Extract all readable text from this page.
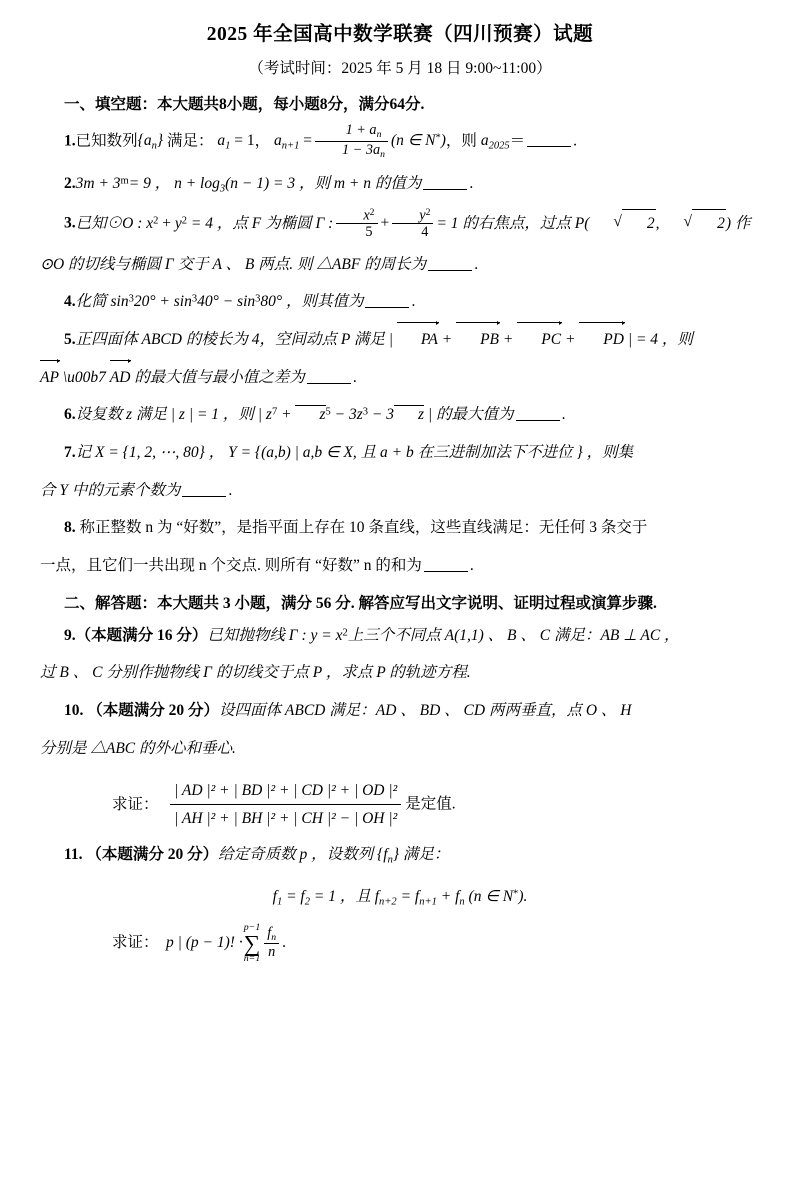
2025 年全国高中数学联赛（四川预赛）试题
（考试时间：2025 年 5 月 18 日 9:00~11:00）
一、填空题：本大题共8小题，每小题8分，满分64分.
1.已知数列$\{a_n\}$ 满足： $a_1 = 1$， $a_{n+1} = \frac{1 + a_n}{1 - 3a_n} (n$ ∈ N*)，则 $a_{2025}=$	.
$2.3m + 3^m= 9$ ， $n + \log_3(n - 1) = 3$ ，则 m + n 的值为	.
3.已知⊙O : $x^2 + y^2 = 4$ ，点 F 为椭圆 Γ : $\frac{x^2}{5} + \frac{y^2}{4} = 1$ 的右焦点，过点 P(	√ 2,	√ 2) 作
⊙O 的切线与椭圆 Γ 交于 A 、 B 两点. 则 △ABF 的周长为	.
4.化简 $\sin^320^\circ + \sin^340^\circ - \sin^380^\circ$ ，则其值为	.
5.正四面体 ABCD 的棱长为 4，空间动点 P 满足 | PA + PB + PC + PD | = 4 ，则
AP \u00b7 AD 的最大值与最小值之差为	.
6.设复数 z 满足 | z | = 1 ，则 | $z^7 + z^5 - 3z^3 - 3$ z | 的最大值为	.
7.记 X = {1, 2, ⋯, 80} ， Y = {(a,b) | a,b ∈ X, 且 a + b 在三进制加法下不进位 } ，则集
合 Y 中的元素个数为	.
8. 称正整数 n 为 “好数”，是指平面上存在 10 条直线，这些直线满足：无任何 3 条交于
一点，且它们一共出现 n 个交点. 则所有 “好数” n 的和为	.
二、解答题：本大题共 3 小题，满分 56 分. 解答应写出文字说明、证明过程或演算步骤.
9.（本题满分 16 分）已知抛物线 Γ : $y = x^2$上三个不同点 A(1,1) 、 B 、 C 满足：AB ⊥ AC ，
过 B 、 C 分别作抛物线 Γ 的切线交于点 P ，求点 P 的轨迹方程.
10. （本题满分 20 分）设四面体 ABCD 满足：AD 、 BD 、 CD 两两垂直，点 O 、 H
分别是 △ABC 的外心和垂心.
求证： $\frac{\text{| AD |² + | BD |² + | CD |² + | OD |²}}{\text{| AH |² + | BH |² + | CH |² − | OH |²}}$ 是定值.
11. （本题满分 20 分）给定奇质数 p ，设数列 $\{f_n\}$ 满足：
$f_1 = f_2 = 1$ ，且 $f_{n+2} = f_{n+1} + f_n$ (n ∈ N*).
求证： p | (p − 1)! ·
p−1
∑
$n=1 \frac{f_n}{n}$ .
